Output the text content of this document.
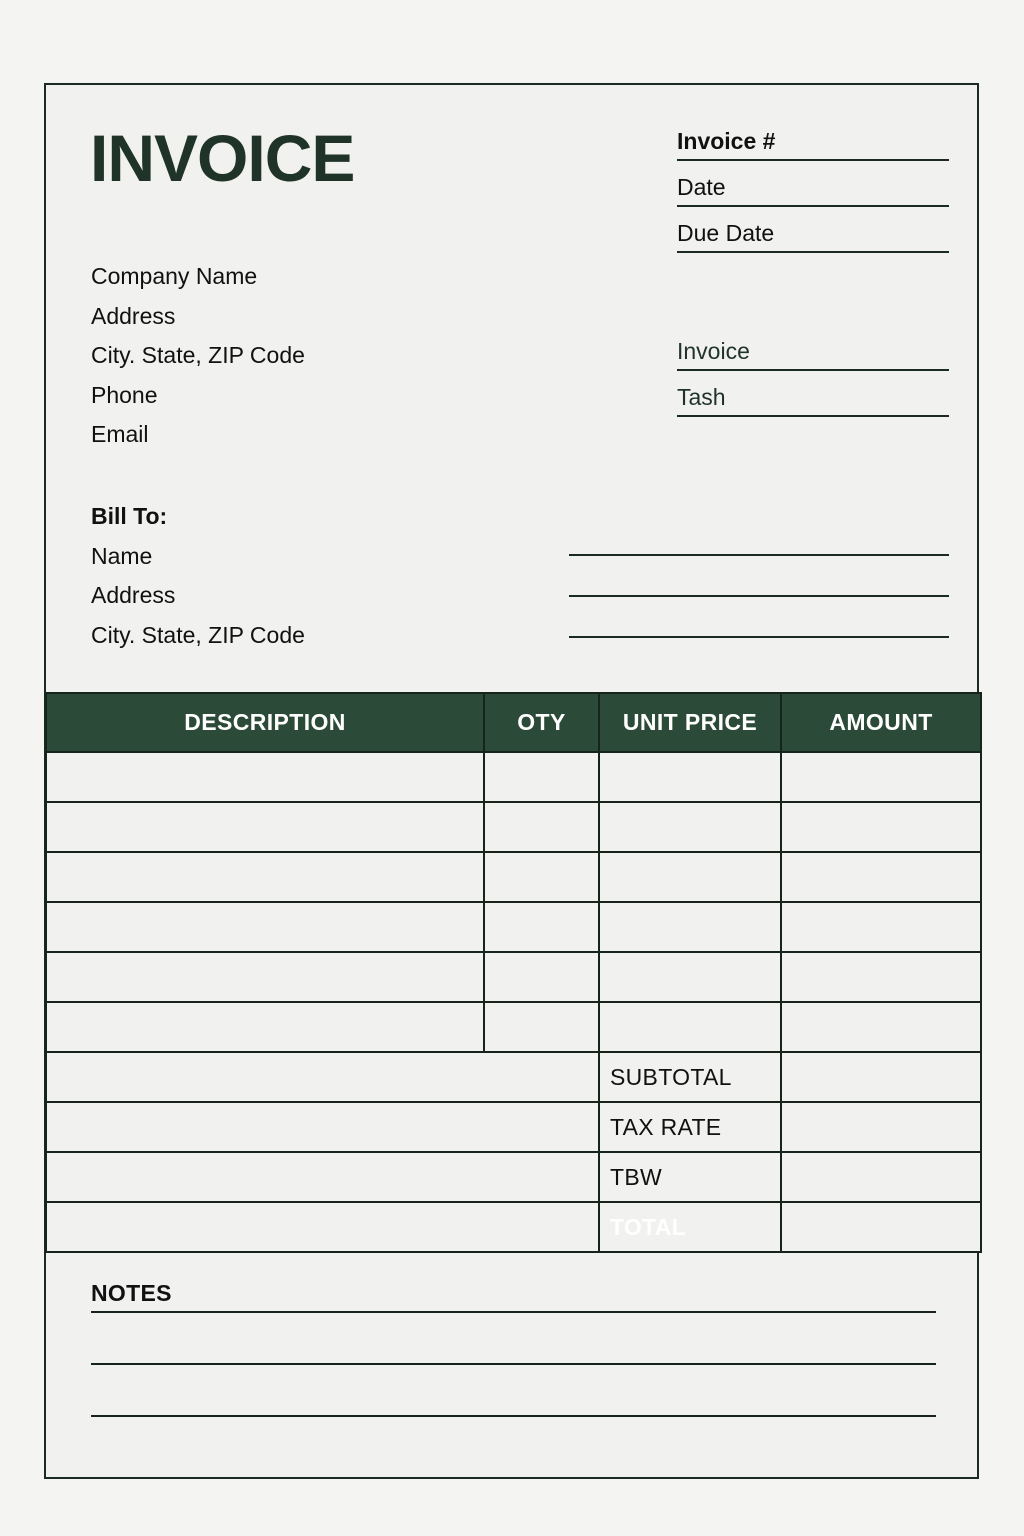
INVOICE
Company Name
Address
City. State, ZIP Code
Phone
Email
Bill To:
Name
Address
City. State, ZIP Code
Invoice #
Date
Due Date
Invoice
Tash
DESCRIPTION	OTY	UNIT PRICE	AMOUNT

		SUBTOTAL	
		TAX RATE	
		TBW	
		TOTAL	
NOTES
